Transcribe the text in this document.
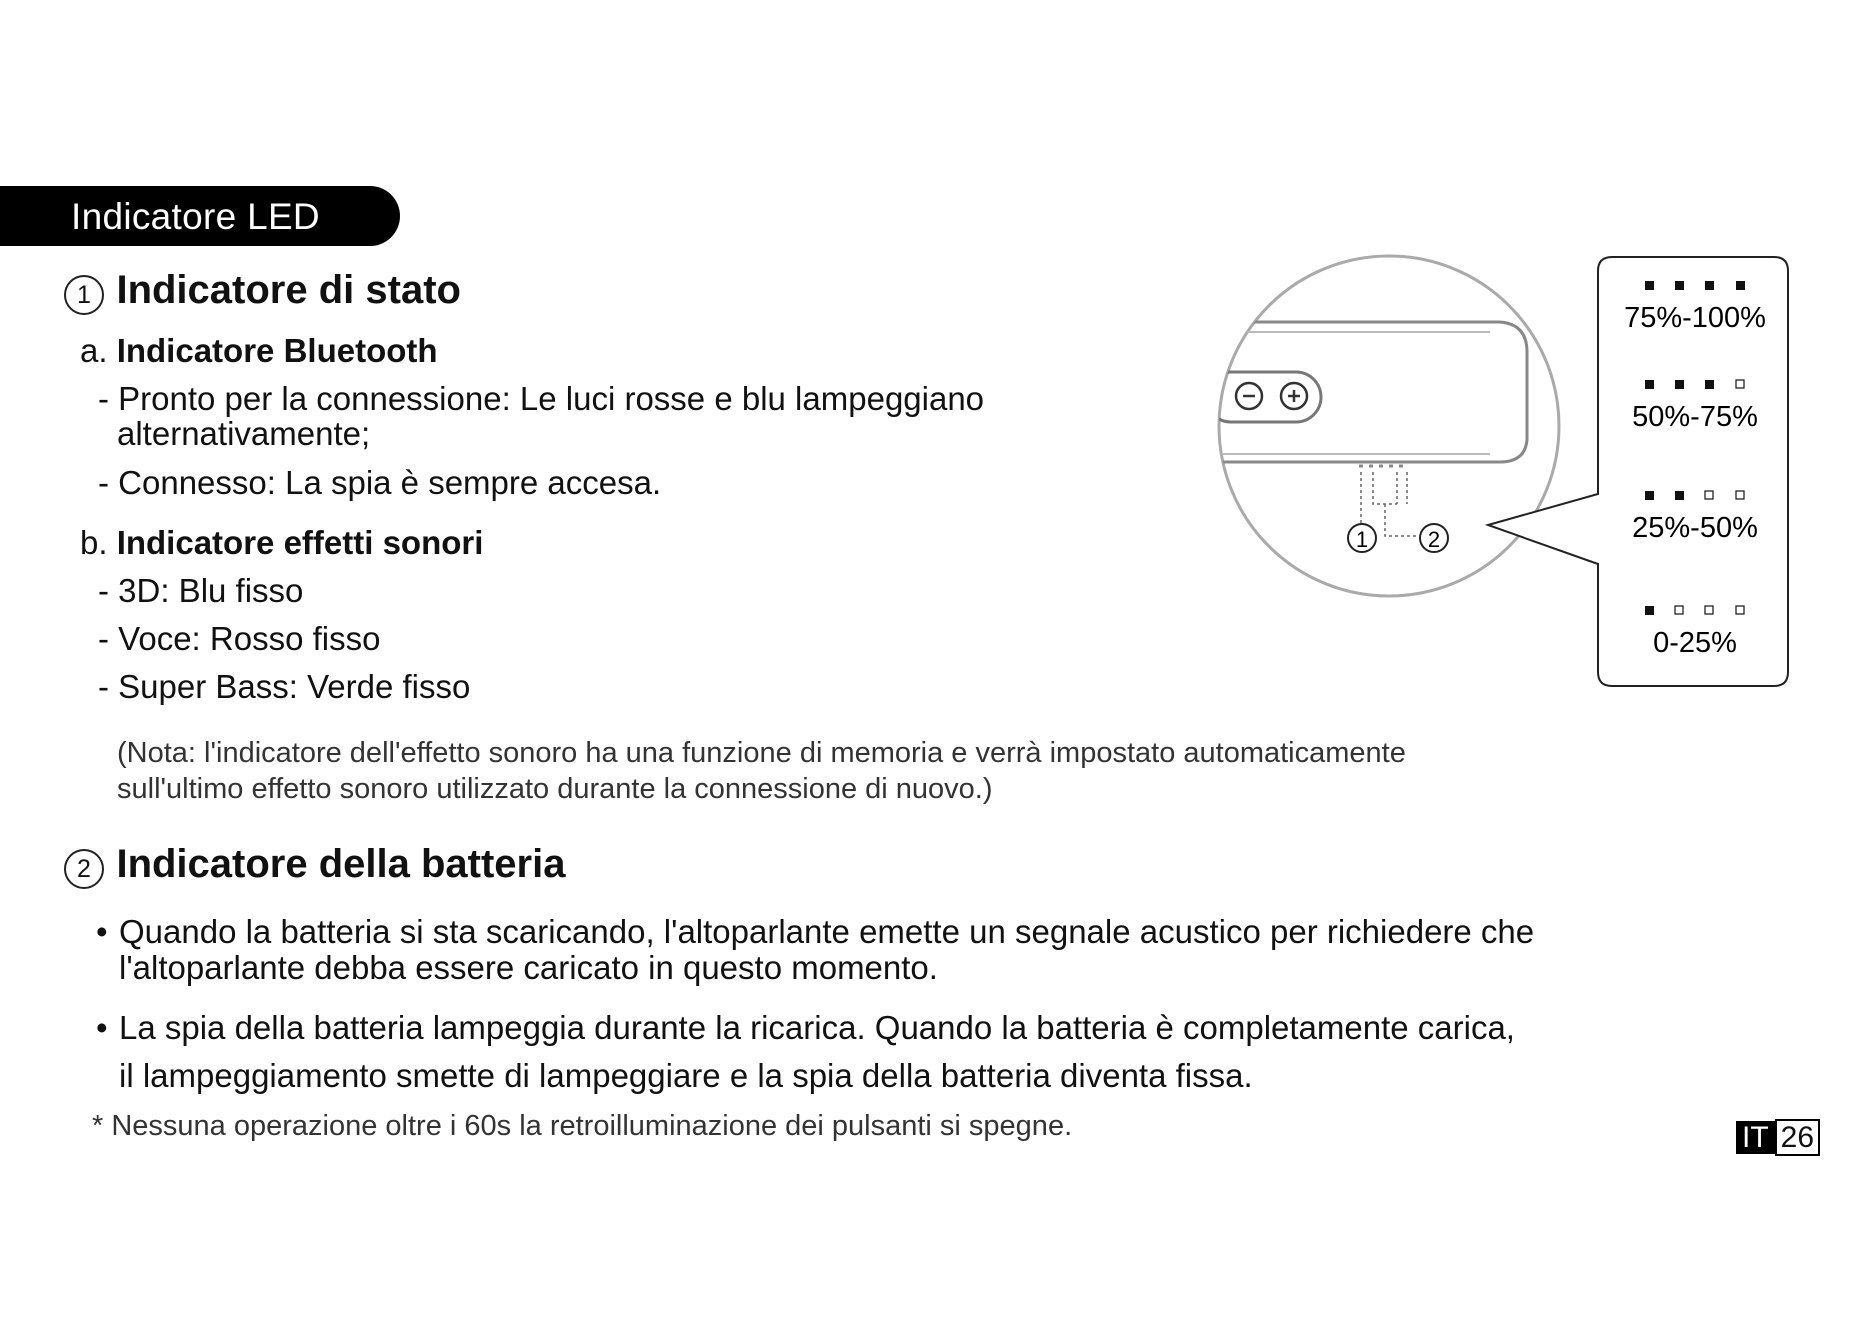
Indicatore LED
1 Indicatore di stato
a. Indicatore Bluetooth
- Pronto per la connessione: Le luci rosse e blu lampeggiano
alternativamente;
- Connesso: La spia è sempre accesa.
b. Indicatore effetti sonori
- 3D: Blu fisso
- Voce: Rosso fisso
- Super Bass: Verde fisso
(Nota: l'indicatore dell'effetto sonoro ha una funzione di memoria e verrà impostato automaticamente
sull'ultimo effetto sonoro utilizzato durante la connessione di nuovo.)
2 Indicatore della batteria
• Quando la batteria si sta scaricando, l'altoparlante emette un segnale acustico per richiedere che
l'altoparlante debba essere caricato in questo momento.
• La spia della batteria lampeggia durante la ricarica. Quando la batteria è completamente carica,
il lampeggiamento smette di lampeggiare e la spia della batteria diventa fissa.
* Nessuna operazione oltre i 60s la retroilluminazione dei pulsanti si spegne.	IT 26
1	2
75%-100%
50%-75%
25%-50%
0-25%
